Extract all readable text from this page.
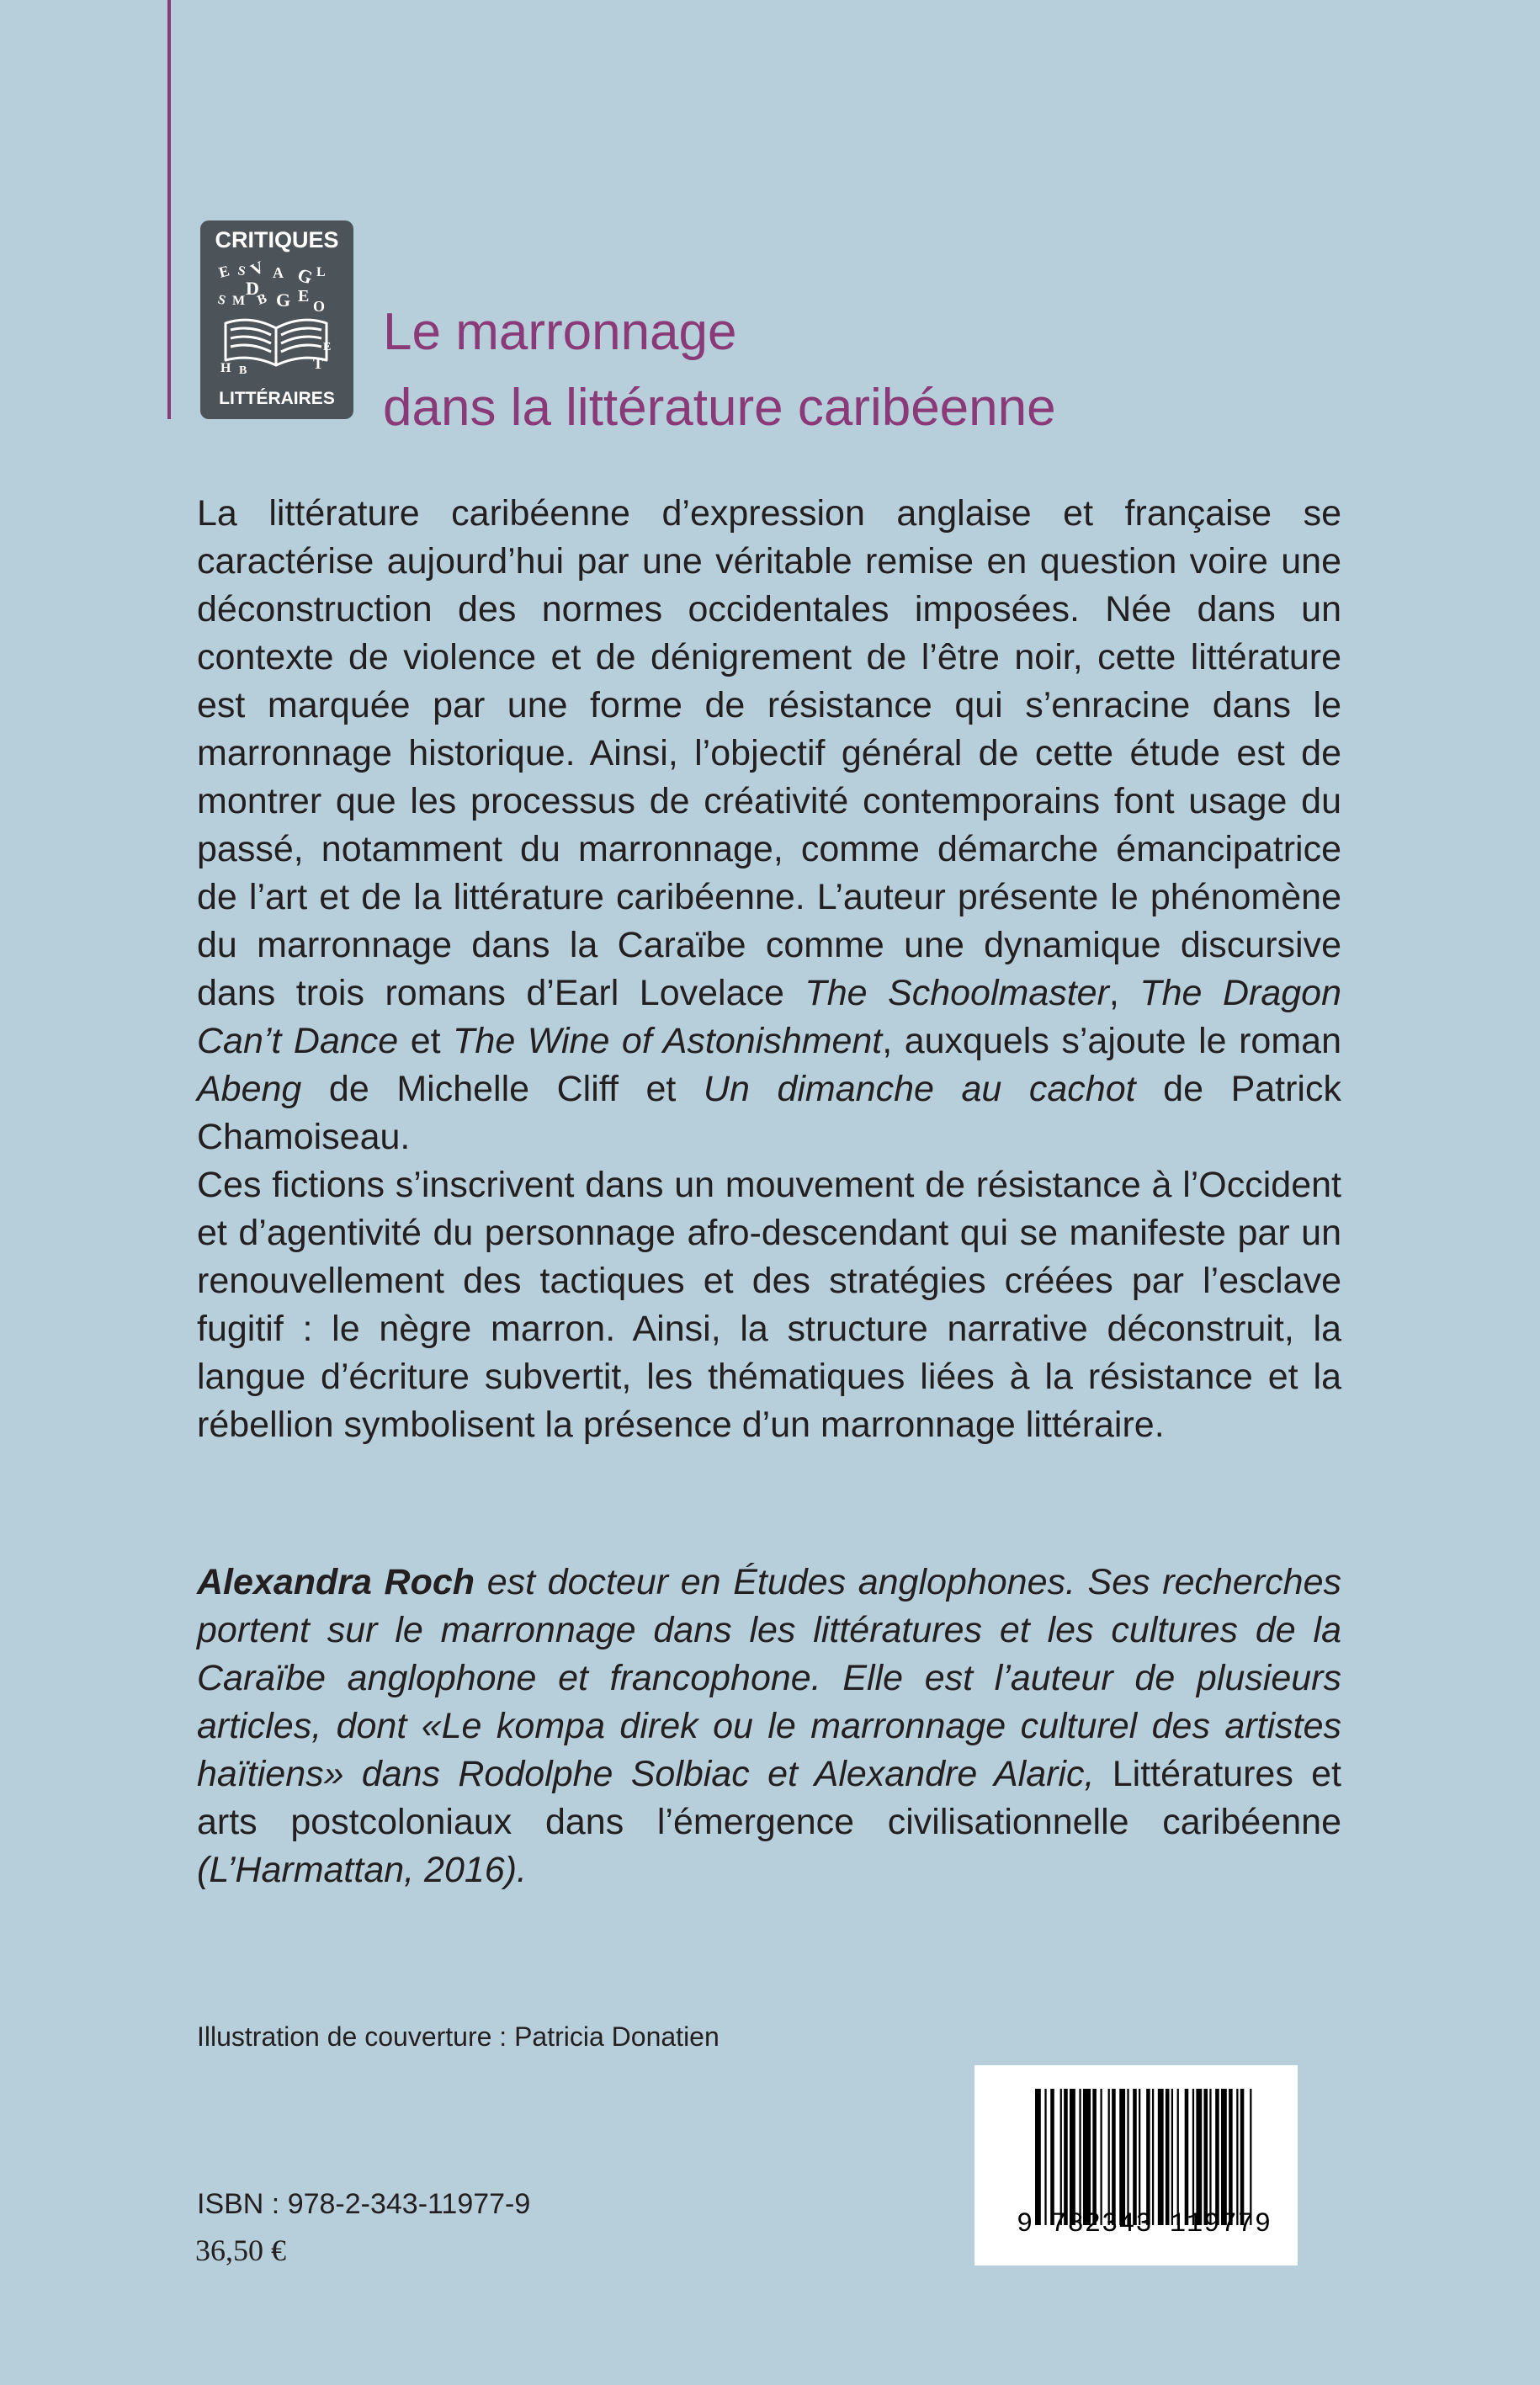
CRITIQUES
E S V A G L
D
S M B G E
O
H B	T
E
LITTÉRAIRES
Le marronnage
dans la littérature caribéenne

La littérature caribéenne d’expression anglaise et française se caractérise aujourd’hui par une véritable remise en question voire une déconstruction des normes occidentales imposées. Née dans un contexte de violence et de dénigrement de l’être noir, cette littérature est marquée par une forme de résistance qui s’enracine dans le marronnage historique. Ainsi, l’objectif général de cette étude est de montrer que les processus de créativité contemporains font usage du passé, notamment du marronnage, comme démarche émancipatrice de l’art et de la littérature caribéenne. L’auteur présente le phénomène du marronnage dans la Caraïbe comme une dynamique discursive dans trois romans d’Earl Lovelace The Schoolmaster, The Dragon Can’t Dance et The Wine of Astonishment, auxquels s’ajoute le roman Abeng de Michelle Cliff et Un dimanche au cachot de Patrick Chamoiseau.

Ces fictions s’inscrivent dans un mouvement de résistance à l’Occident et d’agentivité du personnage afro-descendant qui se manifeste par un renouvellement des tactiques et des stratégies créées par l’esclave fugitif : le nègre marron. Ainsi, la structure narrative déconstruit, la langue d’écriture subvertit, les thématiques liées à la résistance et la rébellion symbolisent la présence d’un marronnage littéraire.

Alexandra Roch est docteur en Études anglophones. Ses recherches portent sur le marronnage dans les littératures et les cultures de la Caraïbe anglophone et francophone. Elle est l’auteur de plusieurs articles, dont «Le kompa direk ou le marronnage culturel des artistes haïtiens» dans Rodolphe Solbiac et Alexandre Alaric, Littératures et arts postcoloniaux dans l’émergence civilisationnelle caribéenne (L’Harmattan, 2016).
Illustration de couverture : Patricia Donatien
ISBN : 978-2-343-11977-9
36,50 €
9 782343 119779
